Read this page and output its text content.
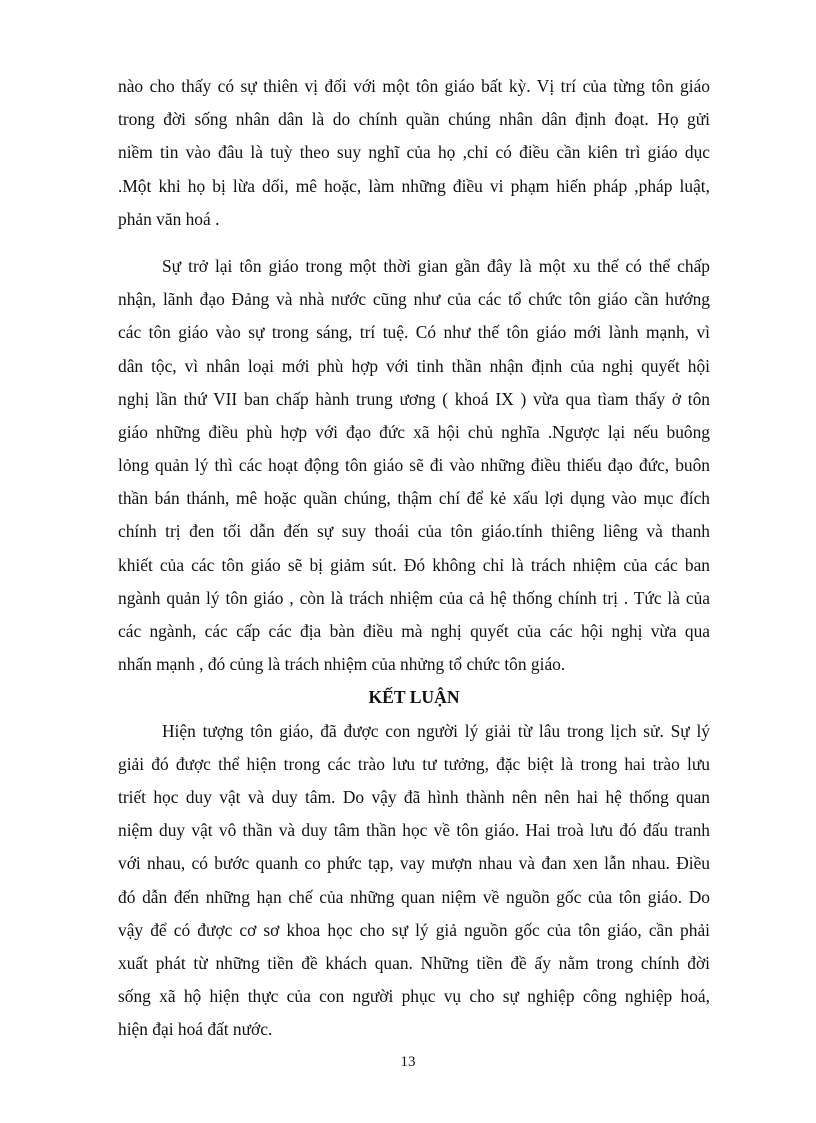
nào cho thấy có sự thiên vị đối với một tôn giáo bất kỳ. Vị trí của từng tôn giáo
trong đời sống nhân dân là do chính quần chúng nhân dân định đoạt. Họ gửi
niềm tin vào đâu là tuỳ theo suy nghĩ của họ ,chỉ có điều cần kiên trì giáo dục
.Một khi họ bị lừa dối, mê hoặc, làm những điều vi phạm hiến pháp ,pháp luật,
phản văn hoá .
Sự trở lại tôn giáo trong một thời gian gần đây là một xu thế có thể chấp
nhận, lãnh đạo Đảng và nhà nước cũng như của các tổ chức tôn giáo cần hướng
các tôn giáo vào sự trong sáng, trí tuệ. Có như thế tôn giáo mới lành mạnh, vì
dân tộc, vì nhân loại mới phù hợp với tinh thần nhận định của nghị quyết hội
nghị lần thứ VII ban chấp hành trung ương ( khoá IX ) vừa qua tìam thấy ở tôn
giáo những điều phù hợp với đạo đức xã hội chủ nghĩa .Ngược lại nếu buông
lỏng quản lý thì các hoạt động tôn giáo sẽ đi vào những điều thiếu đạo đức, buôn
thần bán thánh, mê hoặc quần chúng, thậm chí để kẻ xấu lợi dụng vào mục đích
chính trị đen tối dẫn đến sự suy thoái của tôn giáo.tính thiêng liêng và thanh
khiết của các tôn giáo sẽ bị giảm sút. Đó không chỉ là trách nhiệm của các ban
ngành quản lý tôn giáo , còn là trách nhiệm của cả hệ thống chính trị . Tức là của
các ngành, các cấp các địa bàn điều mà nghị quyết của các hội nghị vừa qua
nhấn mạnh , đó củng là trách nhiệm của nhửng tổ chức tôn giáo.
KẾT LUẬN
Hiện tượng tôn giáo, đã được con người lý giải từ lâu trong lịch sử. Sự lý
giải đó được thể hiện trong các trào lưu tư tưởng, đặc biệt là trong hai trào lưu
triết học duy vật và duy tâm. Do vậy đã hình thành nên nên hai hệ thống quan
niệm duy vật vô thần và duy tâm thần học về tôn giáo. Hai troà lưu đó đấu tranh
với nhau, có bước quanh co phức tạp, vay mượn nhau và đan xen lẫn nhau. Điều
đó dẫn đến những hạn chế của những quan niệm về nguồn gốc của tôn giáo. Do
vậy để có được cơ sơ khoa học cho sự lý giả nguồn gốc của tôn giáo, cần phải
xuất phát từ những tiền đề khách quan. Những tiền đề ấy nằm trong chính đời
sống xã hộ hiện thực của con người phục vụ cho sự nghiệp công nghiệp hoá,
hiện đại hoá đất nước.
13
